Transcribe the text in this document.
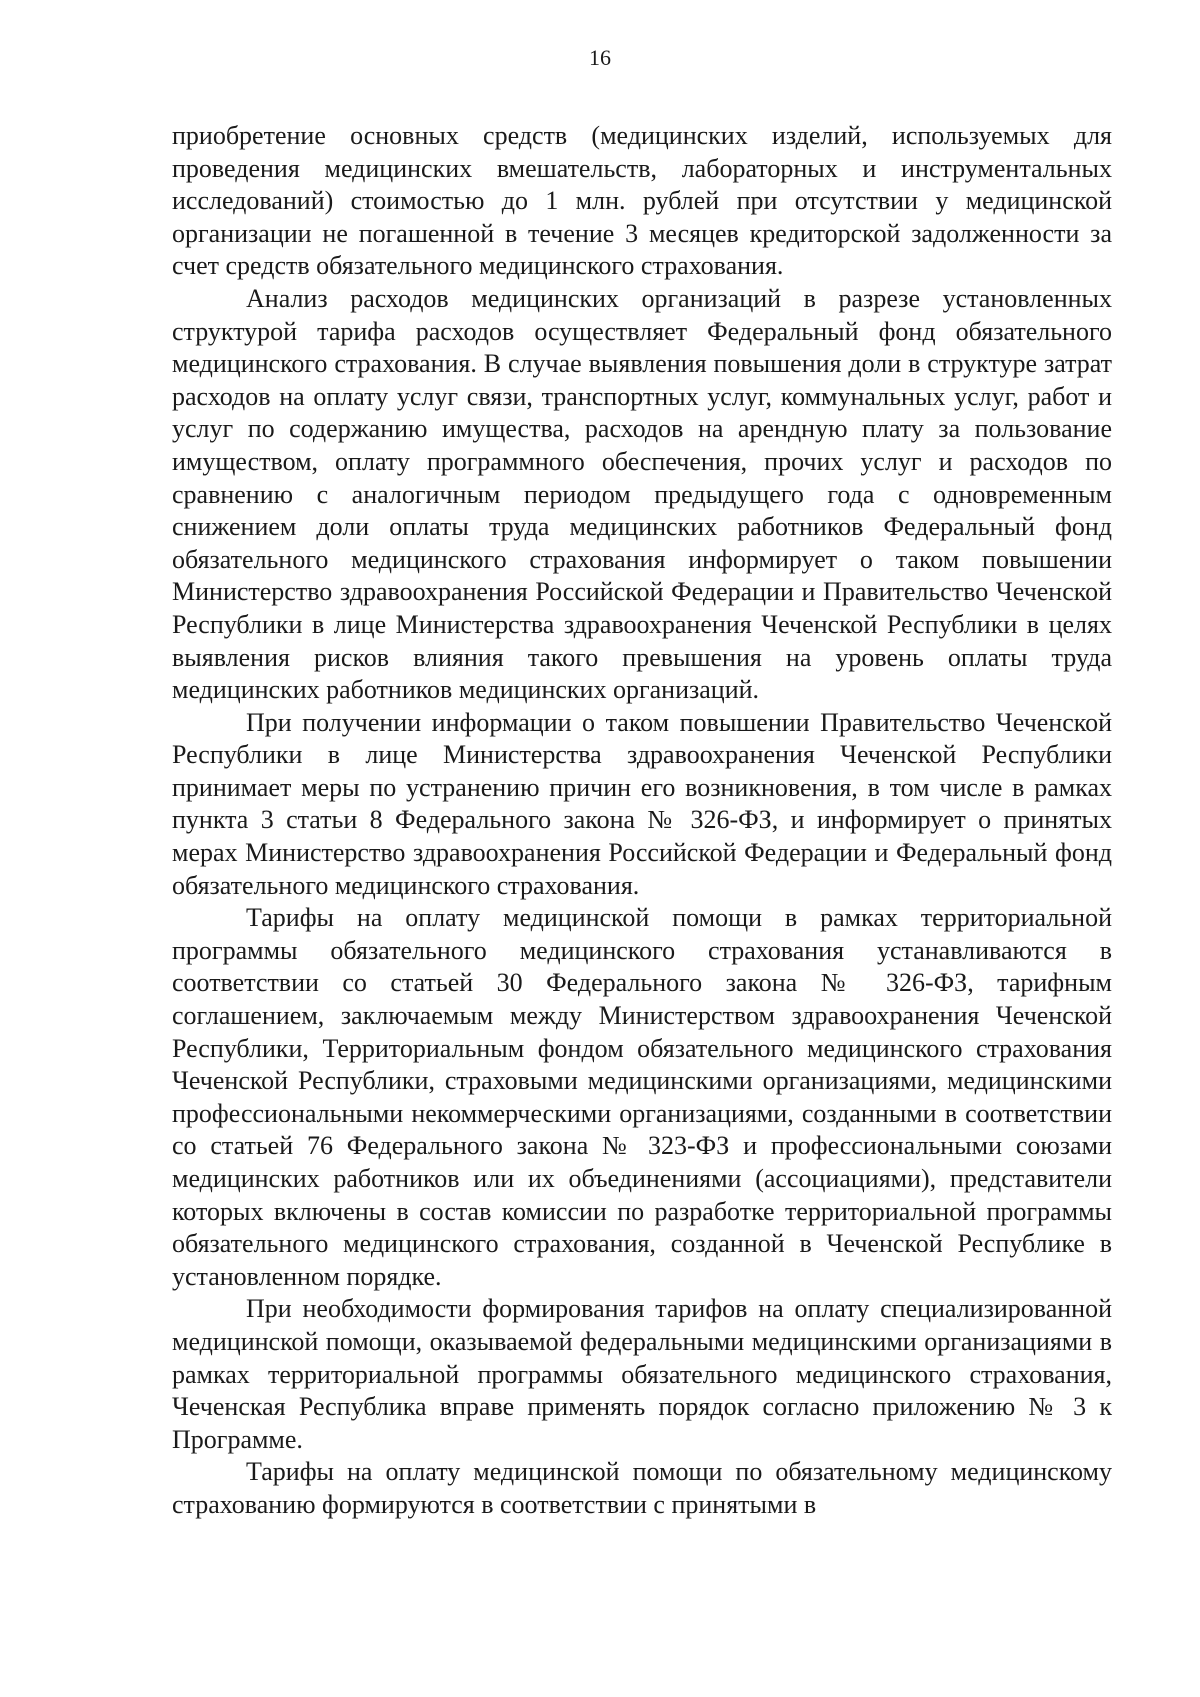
16

приобретение основных средств (медицинских изделий, используемых для проведения медицинских вмешательств, лабораторных и инструментальных исследований) стоимостью до 1 млн. рублей при отсутствии у медицинской организации не погашенной в течение 3 месяцев кредиторской задолженности за счет средств обязательного медицинского страхования.

Анализ расходов медицинских организаций в разрезе установленных структурой тарифа расходов осуществляет Федеральный фонд обязательного медицинского страхования. В случае выявления повышения доли в структуре затрат расходов на оплату услуг связи, транспортных услуг, коммунальных услуг, работ и услуг по содержанию имущества, расходов на арендную плату за пользование имуществом, оплату программного обеспечения, прочих услуг и расходов по сравнению с аналогичным периодом предыдущего года с одновременным снижением доли оплаты труда медицинских работников Федеральный фонд обязательного медицинского страхования информирует о таком повышении Министерство здравоохранения Российской Федерации и Правительство Чеченской Республики в лице Министерства здравоохранения Чеченской Республики в целях выявления рисков влияния такого превышения на уровень оплаты труда медицинских работников медицинских организаций.

При получении информации о таком повышении Правительство Чеченской Республики в лице Министерства здравоохранения Чеченской Республики принимает меры по устранению причин его возникновения, в том числе в рамках пункта 3 статьи 8 Федерального закона № 326-ФЗ, и информирует о принятых мерах Министерство здравоохранения Российской Федерации и Федеральный фонд обязательного медицинского страхования.

Тарифы на оплату медицинской помощи в рамках территориальной программы обязательного медицинского страхования устанавливаются в соответствии со статьей 30 Федерального закона № 326-ФЗ, тарифным соглашением, заключаемым между Министерством здравоохранения Чеченской Республики, Территориальным фондом обязательного медицинского страхования Чеченской Республики, страховыми медицинскими организациями, медицинскими профессиональными некоммерческими организациями, созданными в соответствии со статьей 76 Федерального закона № 323-ФЗ и профессиональными союзами медицинских работников или их объединениями (ассоциациями), представители которых включены в состав комиссии по разработке территориальной программы обязательного медицинского страхования, созданной в Чеченской Республике в установленном порядке.

При необходимости формирования тарифов на оплату специализированной медицинской помощи, оказываемой федеральными медицинскими организациями в рамках территориальной программы обязательного медицинского страхования, Чеченская Республика вправе применять порядок согласно приложению № 3 к Программе.

Тарифы на оплату медицинской помощи по обязательному медицинскому страхованию формируются в соответствии с принятыми в
